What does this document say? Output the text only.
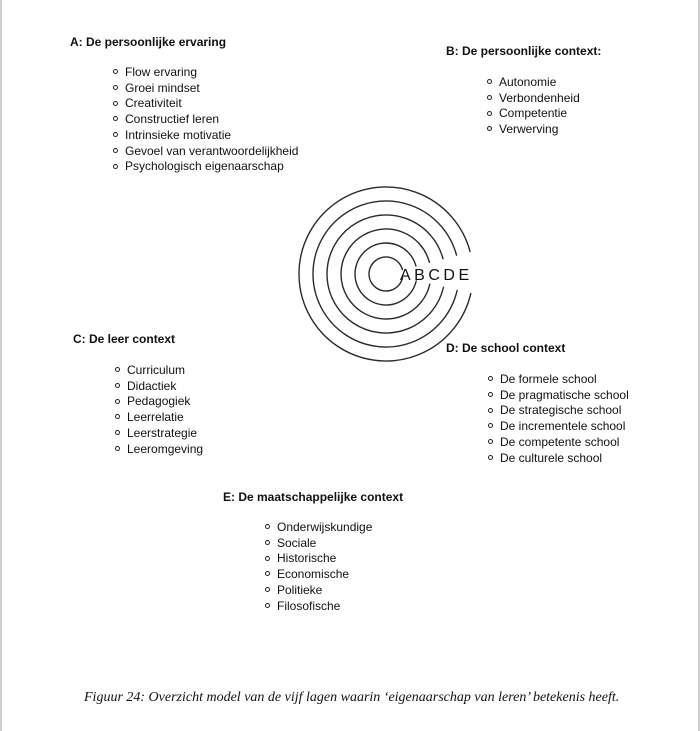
A: De persoonlijke ervaring

Flow ervaring
Groei mindset
Creativiteit
Constructief leren
Intrinsieke motivatie
Gevoel van verantwoordelijkheid
Psychologisch eigenaarschap

B: De persoonlijke context:

Autonomie
Verbondenheid
Competentie
Verwerving

C: De leer context

Curriculum
Didactiek
Pedagogiek
Leerrelatie
Leerstrategie
Leeromgeving

D: De school context

De formele school
De pragmatische school
De strategische school
De incrementele school
De competente school
De culturele school

E: De maatschappelijke context

Onderwijskundige
Sociale
Historische
Economische
Politieke
Filosofische
ABCDE
Figuur 24: Overzicht model van de vijf lagen waarin ‘eigenaarschap van leren’ betekenis heeft.
